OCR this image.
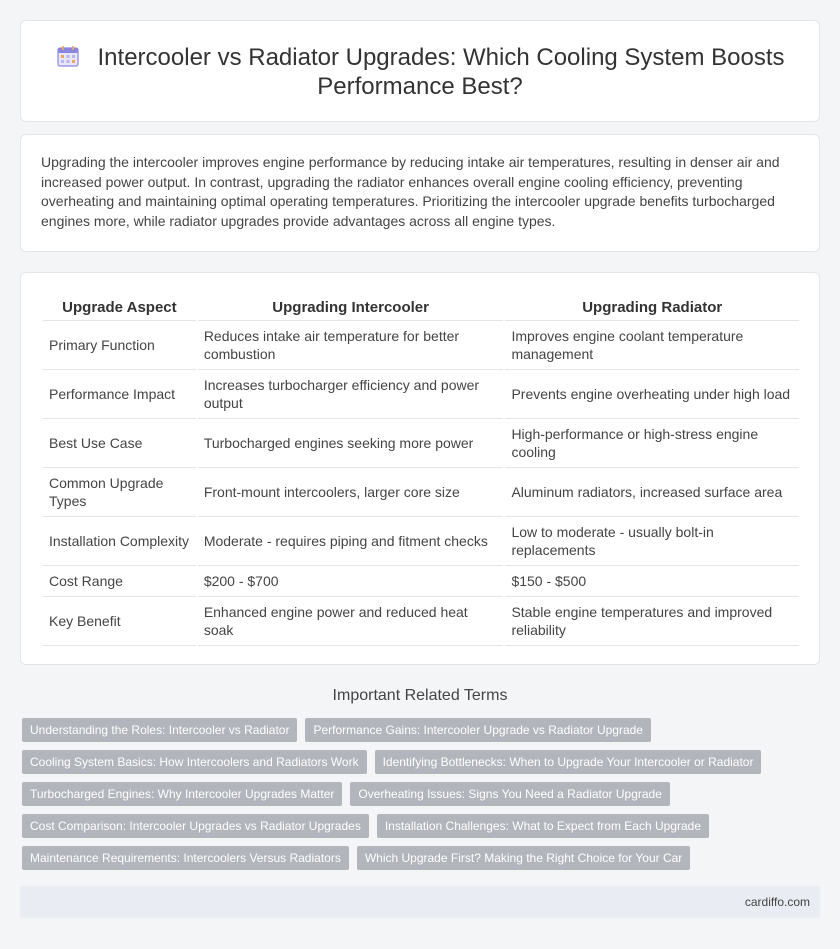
Intercooler vs Radiator Upgrades: Which Cooling System Boosts Performance Best?

Upgrading the intercooler improves engine performance by reducing intake air temperatures, resulting in denser air and increased power output. In contrast, upgrading the radiator enhances overall engine cooling efficiency, preventing overheating and maintaining optimal operating temperatures. Prioritizing the intercooler upgrade benefits turbocharged engines more, while radiator upgrades provide advantages across all engine types.

Upgrade Aspect	Upgrading Intercooler	Upgrading Radiator
Primary Function	Reduces intake air temperature for better combustion	Improves engine coolant temperature management
Performance Impact	Increases turbocharger efficiency and power output	Prevents engine overheating under high load
Best Use Case	Turbocharged engines seeking more power	High-performance or high-stress engine cooling
Common Upgrade Types	Front-mount intercoolers, larger core size	Aluminum radiators, increased surface area
Installation Complexity	Moderate - requires piping and fitment checks	Low to moderate - usually bolt-in replacements
Cost Range	$200 - $700	$150 - $500
Key Benefit	Enhanced engine power and reduced heat soak	Stable engine temperatures and improved reliability
Important Related Terms
Understanding the Roles: Intercooler vs Radiator	Performance Gains: Intercooler Upgrade vs Radiator Upgrade
Cooling System Basics: How Intercoolers and Radiators Work	Identifying Bottlenecks: When to Upgrade Your Intercooler or Radiator
Turbocharged Engines: Why Intercooler Upgrades Matter	Overheating Issues: Signs You Need a Radiator Upgrade
Cost Comparison: Intercooler Upgrades vs Radiator Upgrades	Installation Challenges: What to Expect from Each Upgrade
Maintenance Requirements: Intercoolers Versus Radiators	Which Upgrade First? Making the Right Choice for Your Car
cardiffo.com
